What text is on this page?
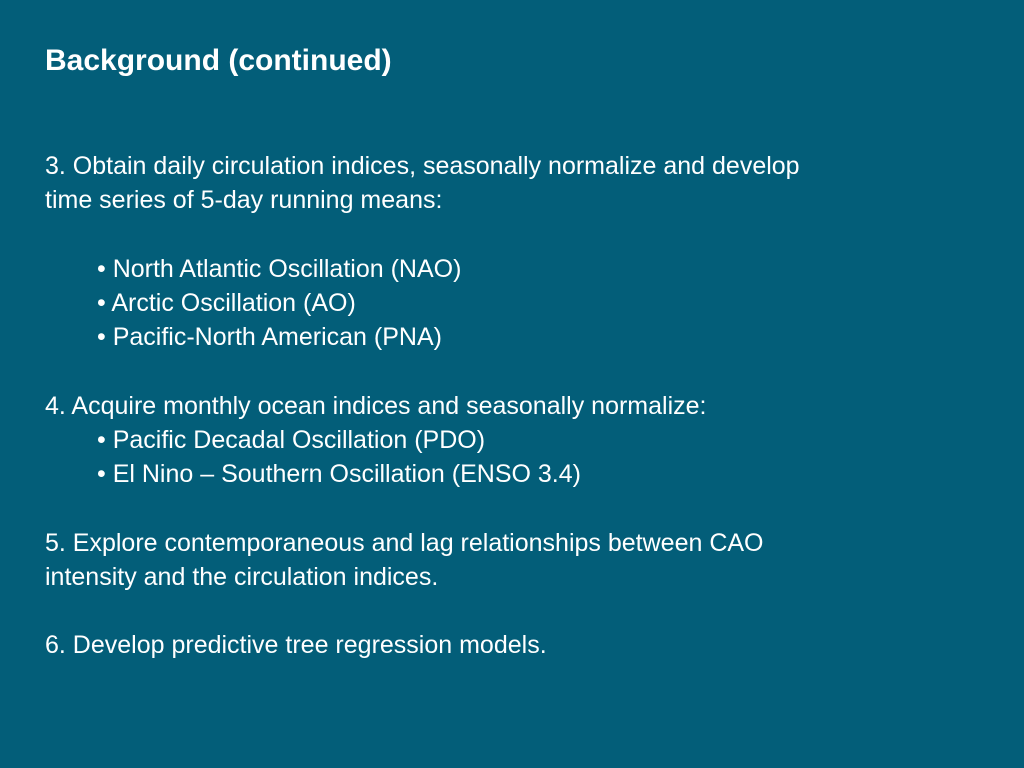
Background (continued)

3. Obtain daily circulation indices, seasonally normalize and develop

time series of 5-day running means:

• North Atlantic Oscillation (NAO)

• Arctic Oscillation (AO)

• Pacific-North American (PNA)

4. Acquire monthly ocean indices and seasonally normalize:

• Pacific Decadal Oscillation (PDO)

• El Nino – Southern Oscillation (ENSO 3.4)

5. Explore contemporaneous and lag relationships between CAO

intensity and the circulation indices.

6. Develop predictive tree regression models.
